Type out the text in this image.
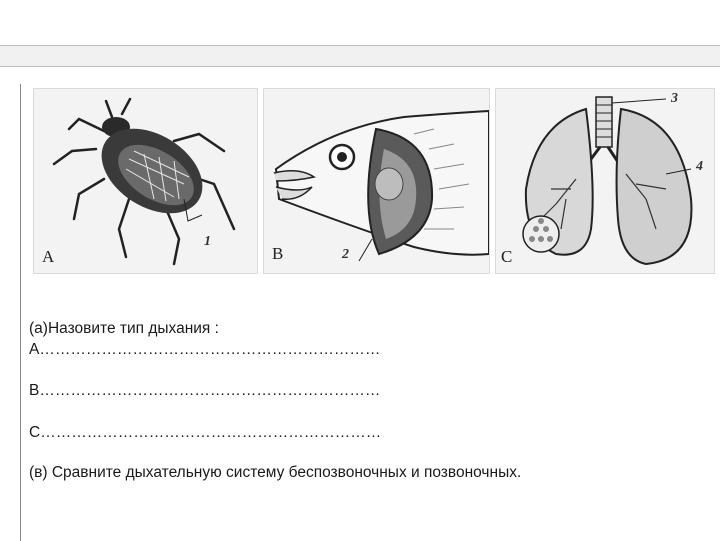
A
1
B	2	C
3
4
(а)Назовите тип дыхания :
А…………………………………………………………
В…………………………………………………………
С…………………………………………………………
(в) Сравните дыхательную систему беспозвоночных и позвоночных.
